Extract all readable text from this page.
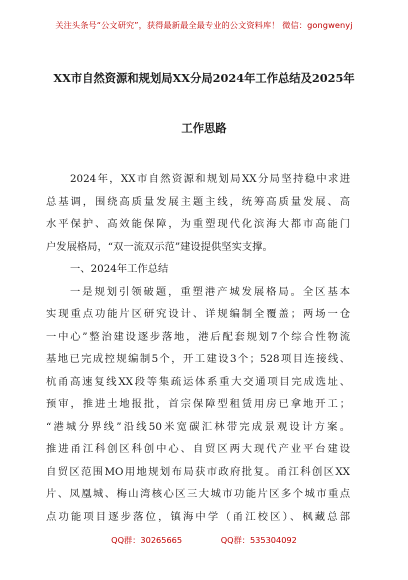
关注头条号“公文研究”，获得最新最全最专业的公文资料库！ 微信：gongwenyj
XX市自然资源和规划局XX分局2024年工作总结及2025年
工作思路
2024年，XX市自然资源和规划局XX分局坚持稳中求进
总基调，围绕高质量发展主题主线，统筹高质量发展、高
水平保护、高效能保障，为重塑现代化滨海大都市高能门
户发展格局，“双一流双示范”建设提供坚实支撑。
一、2024年工作总结
一是规划引领破题，重塑港产城发展格局。全区基本
实现重点功能片区研究设计、详规编制全覆盖；两场一仓
一中心”整治建设逐步落地，港后配套规划7个综合性物流
基地已完成控规编制5个，开工建设3个；528项目连接线、
杭甬高速复线XX段等集疏运体系重大交通项目完成选址、
预审，推进土地报批，首宗保障型租赁用房已拿地开工；
“港城分界线”沿线50米宽碳汇林带完成景观设计方案。
推进甬江科创区科创中心、自贸区两大现代产业平台建设
自贸区范围MO用地规划布局获市政府批复。甬江科创区XX
片、凤凰城、梅山湾核心区三大城市功能片区多个城市重点
点功能项目逐步落位，镇海中学（甬江校区）、枫藏总部
QQ群：30265665	QQ群：535304092
